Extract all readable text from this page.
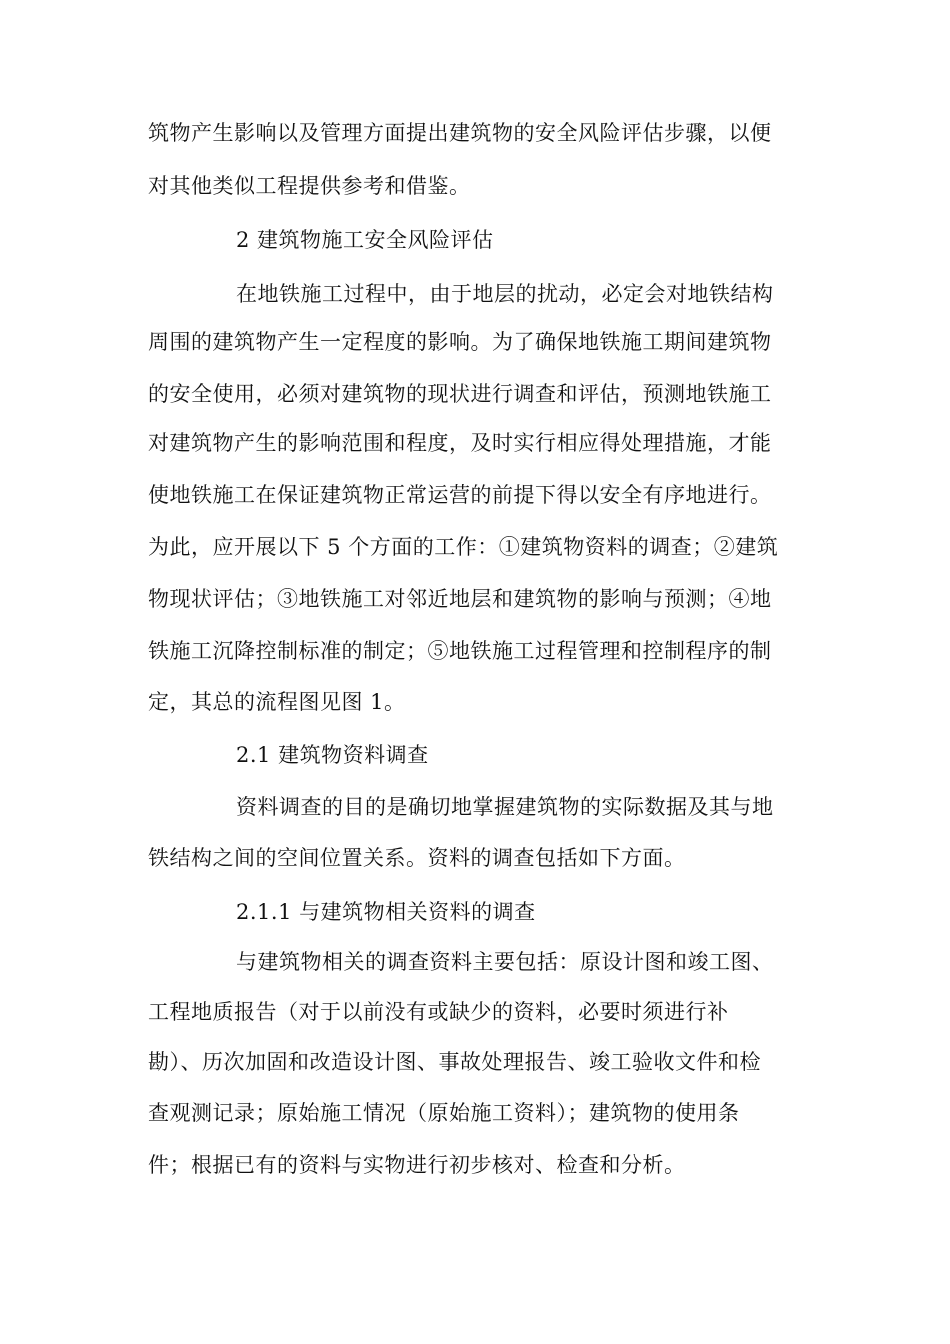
筑物产生影响以及管理方面提出建筑物的安全风险评估步骤，以便
对其他类似工程提供参考和借鉴。
2 建筑物施工安全风险评估
在地铁施工过程中，由于地层的扰动，必定会对地铁结构
周围的建筑物产生一定程度的影响。为了确保地铁施工期间建筑物
的安全使用，必须对建筑物的现状进行调查和评估，预测地铁施工
对建筑物产生的影响范围和程度，及时实行相应得处理措施，才能
使地铁施工在保证建筑物正常运营的前提下得以安全有序地进行。
为此，应开展以下 5 个方面的工作：①建筑物资料的调查；②建筑
物现状评估；③地铁施工对邻近地层和建筑物的影响与预测；④地
铁施工沉降控制标准的制定；⑤地铁施工过程管理和控制程序的制
定，其总的流程图见图 1。
2.1 建筑物资料调查
资料调查的目的是确切地掌握建筑物的实际数据及其与地
铁结构之间的空间位置关系。资料的调查包括如下方面。
2.1.1 与建筑物相关资料的调查
与建筑物相关的调查资料主要包括：原设计图和竣工图、
工程地质报告（对于以前没有或缺少的资料，必要时须进行补
勘）、历次加固和改造设计图、事故处理报告、竣工验收文件和检
查观测记录；原始施工情况（原始施工资料）；建筑物的使用条
件；根据已有的资料与实物进行初步核对、检查和分析。
